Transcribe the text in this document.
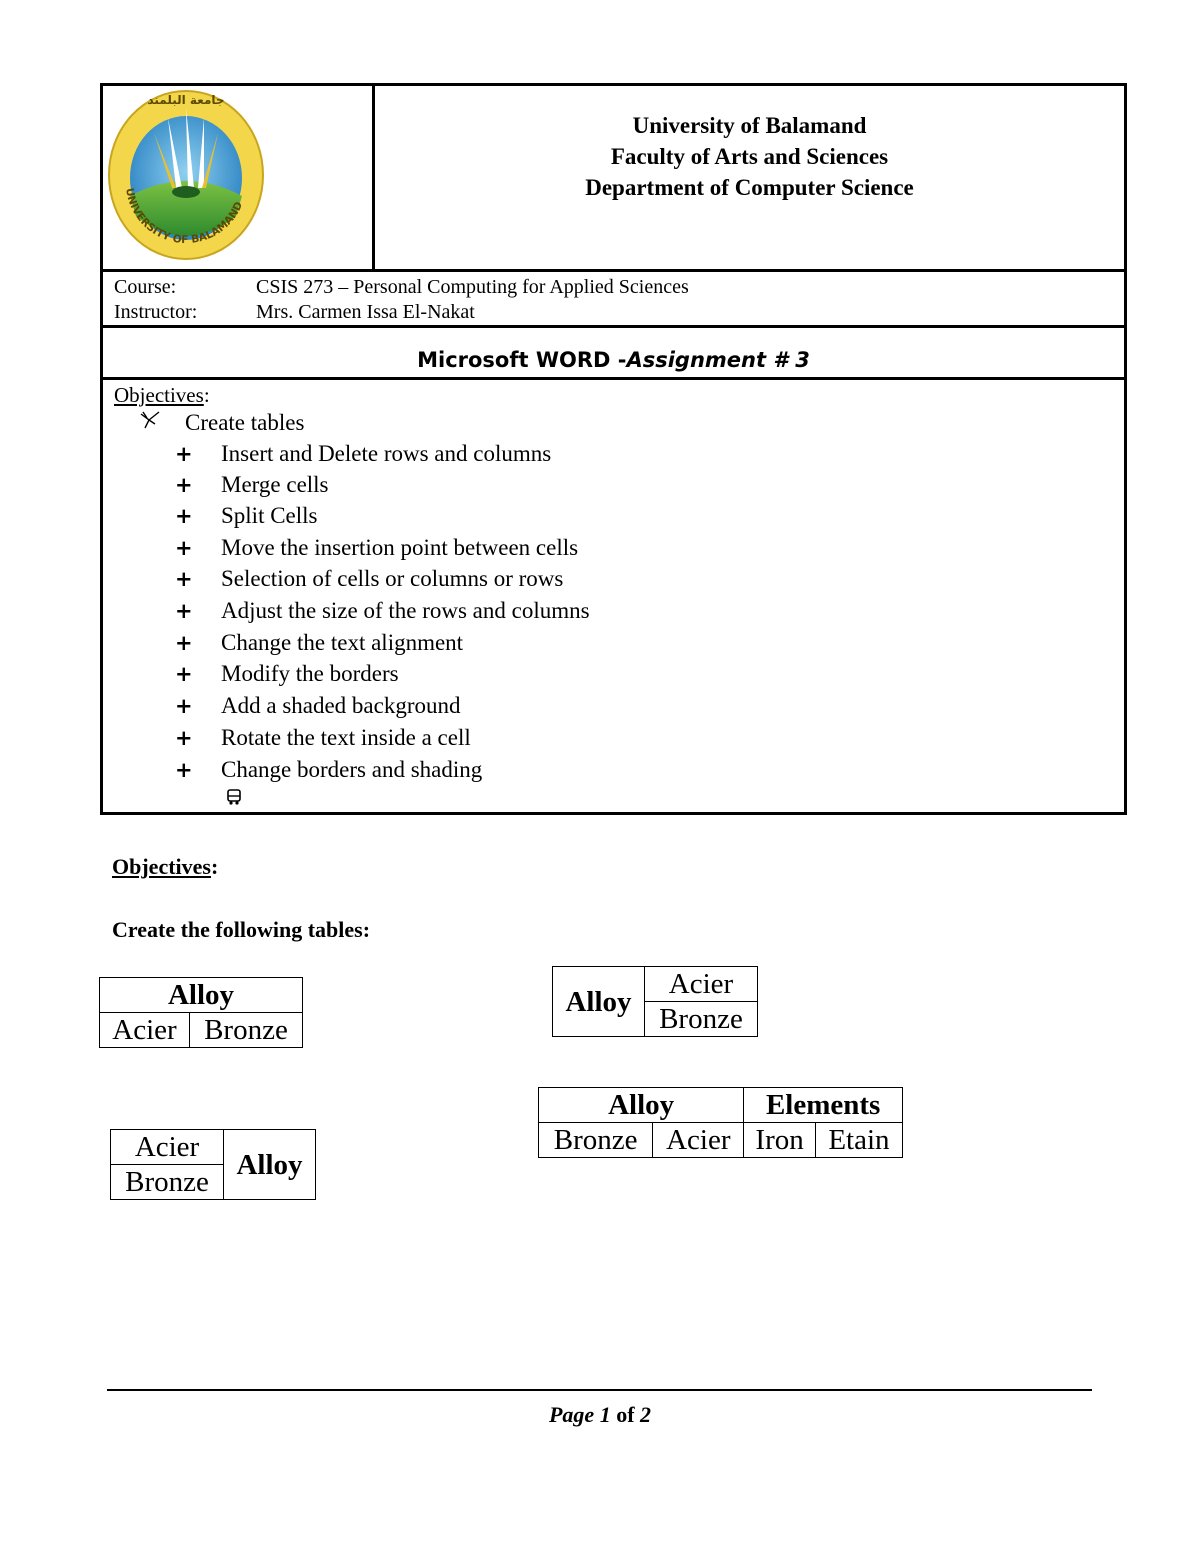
UNIVERSITY OF BALAMAND
جامعة البلمند
University of Balamand
Faculty of Arts and Sciences
Department of Computer Science
Course:	CSIS 273 – Personal Computing for Applied Sciences
Instructor:	Mrs. Carmen Issa El-Nakat
Microsoft WORD -Assignment # 3
Objectives:
Create tables
+ Insert and Delete rows and columns
+ Merge cells
+ Split Cells
+ Move the insertion point between cells
+ Selection of cells or columns or rows
+ Adjust the size of the rows and columns
+ Change the text alignment
+ Modify the borders
+ Add a shaded background
+ Rotate the text inside a cell
+ Change borders and shading
Objectives:
Create the following tables:
Alloy
Acier	Bronze
Alloy	Acier
Bronze
Acier	Alloy
Bronze
Alloy		Elements	
Bronze	Acier	Iron	Etain
Page 1 of 2
